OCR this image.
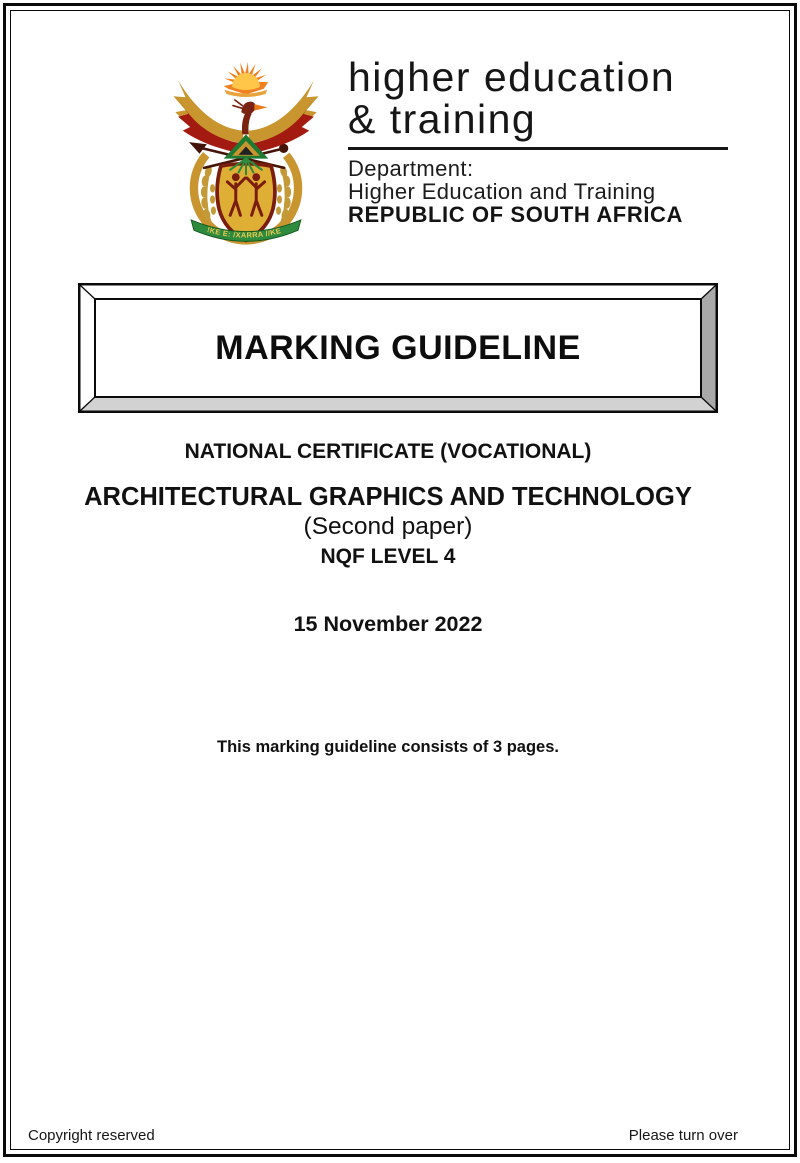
!KE E: /XARRA //KE
higher education
& training
Department:
Higher Education and Training
REPUBLIC OF SOUTH AFRICA
MARKING GUIDELINE
NATIONAL CERTIFICATE (VOCATIONAL)
ARCHITECTURAL GRAPHICS AND TECHNOLOGY
(Second paper)
NQF LEVEL 4
15 November 2022
This marking guideline consists of 3 pages.
Copyright reserved	Please turn over
